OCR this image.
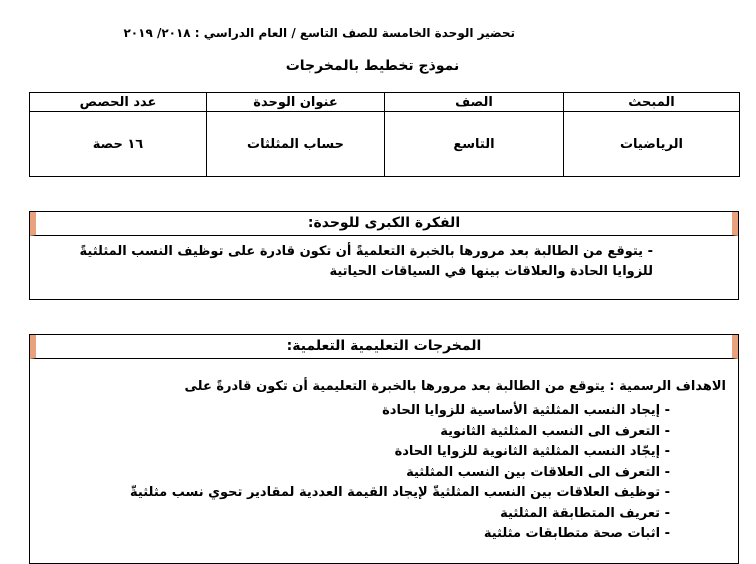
تحضير الوحدة الخامسة للصف التاسع / العام الدراسي : ٢٠١٨/ ٢٠١٩
نموذج تخطيط بالمخرجات
المبحث	الصف	عنوان الوحدة	عدد الحصص
الرياضيات	التاسع	حساب المثلثات	١٦ حصة
الفكرة الكبرى للوحدة:
- يتوقع من الطالبة بعد مرورها بالخبرة التعلميةً أن تكون قادرة على توظيف النسب المثلثيةً
للزوايا الحادة والعلاقات بينها في السياقات الحياتية
المخرجات التعليمية التعلمية:
الاهداف الرسمية : يتوقع من الطالبة بعد مرورها بالخبرة التعليمية أن تكون قادرةً على
- إيجاد النسب المثلثية الأساسية للزوايا الحادة
- التعرف الى النسب المثلثية الثانوية
- إيجّاد النسب المثلثية الثانوية للزوايا الحادة
- التعرف الى العلاقات بين النسب المثلثية
- توظيف العلاقات بين النسب المثلثيةّ لإيجاد القيمة العددية لمقادير تحوي نسب مثلثيةّ
- تعريف المتطابقة المثلثية
- اثبات صحة متطابقات مثلثية
